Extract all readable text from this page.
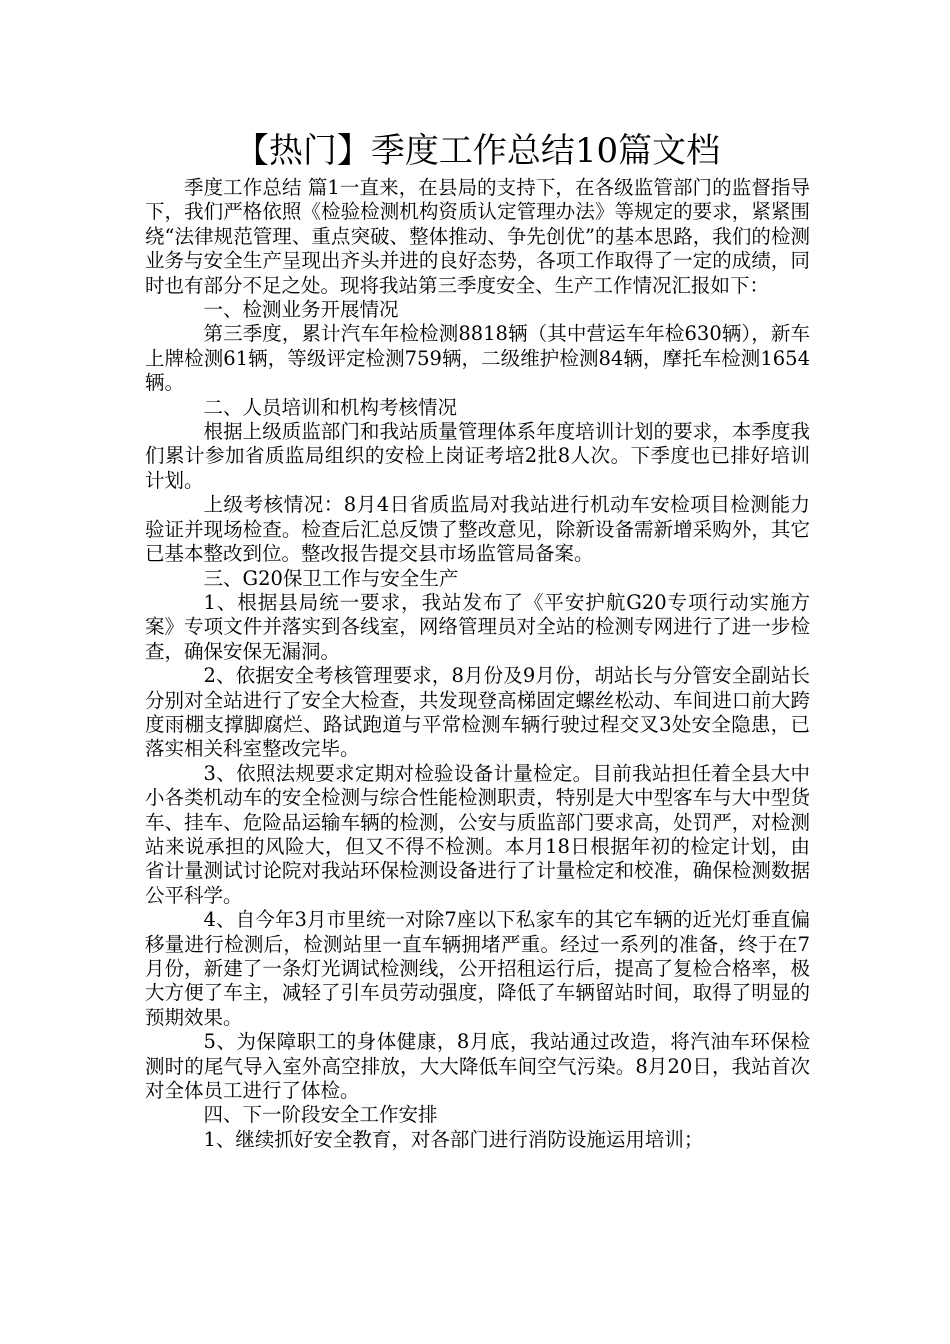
【热门】季度工作总结10篇文档

季度工作总结 篇1一直来，在县局的支持下，在各级监管部门的监督指导下，我们严格依照《检验检测机构资质认定管理办法》等规定的要求，紧紧围绕“法律规范管理、重点突破、整体推动、争先创优”的基本思路，我们的检测业务与安全生产呈现出齐头并进的良好态势，各项工作取得了一定的成绩，同时也有部分不足之处。现将我站第三季度安全、生产工作情况汇报如下：

一、检测业务开展情况

第三季度，累计汽车年检检测8818辆（其中营运车年检630辆），新车上牌检测61辆，等级评定检测759辆，二级维护检测84辆，摩托车检测1654辆。

二、人员培训和机构考核情况

根据上级质监部门和我站质量管理体系年度培训计划的要求，本季度我们累计参加省质监局组织的安检上岗证考培2批8人次。下季度也已排好培训计划。

上级考核情况：8月4日省质监局对我站进行机动车安检项目检测能力验证并现场检查。检查后汇总反馈了整改意见，除新设备需新增采购外，其它已基本整改到位。整改报告提交县市场监管局备案。

三、G20保卫工作与安全生产

1、根据县局统一要求，我站发布了《平安护航G20专项行动实施方案》专项文件并落实到各线室，网络管理员对全站的检测专网进行了进一步检查，确保安保无漏洞。

2、依据安全考核管理要求，8月份及9月份，胡站长与分管安全副站长分别对全站进行了安全大检查，共发现登高梯固定螺丝松动、车间进口前大跨度雨棚支撑脚腐烂、路试跑道与平常检测车辆行驶过程交叉3处安全隐患，已落实相关科室整改完毕。

3、依照法规要求定期对检验设备计量检定。目前我站担任着全县大中小各类机动车的安全检测与综合性能检测职责，特别是大中型客车与大中型货车、挂车、危险品运输车辆的检测，公安与质监部门要求高，处罚严，对检测站来说承担的风险大，但又不得不检测。本月18日根据年初的检定计划，由省计量测试讨论院对我站环保检测设备进行了计量检定和校准，确保检测数据公平科学。

4、自今年3月市里统一对除7座以下私家车的其它车辆的近光灯垂直偏移量进行检测后，检测站里一直车辆拥堵严重。经过一系列的准备，终于在7月份，新建了一条灯光调试检测线，公开招租运行后，提高了复检合格率，极大方便了车主，减轻了引车员劳动强度，降低了车辆留站时间，取得了明显的预期效果。

5、为保障职工的身体健康，8月底，我站通过改造，将汽油车环保检测时的尾气导入室外高空排放，大大降低车间空气污染。8月20日，我站首次对全体员工进行了体检。

四、下一阶段安全工作安排

1、继续抓好安全教育，对各部门进行消防设施运用培训；
